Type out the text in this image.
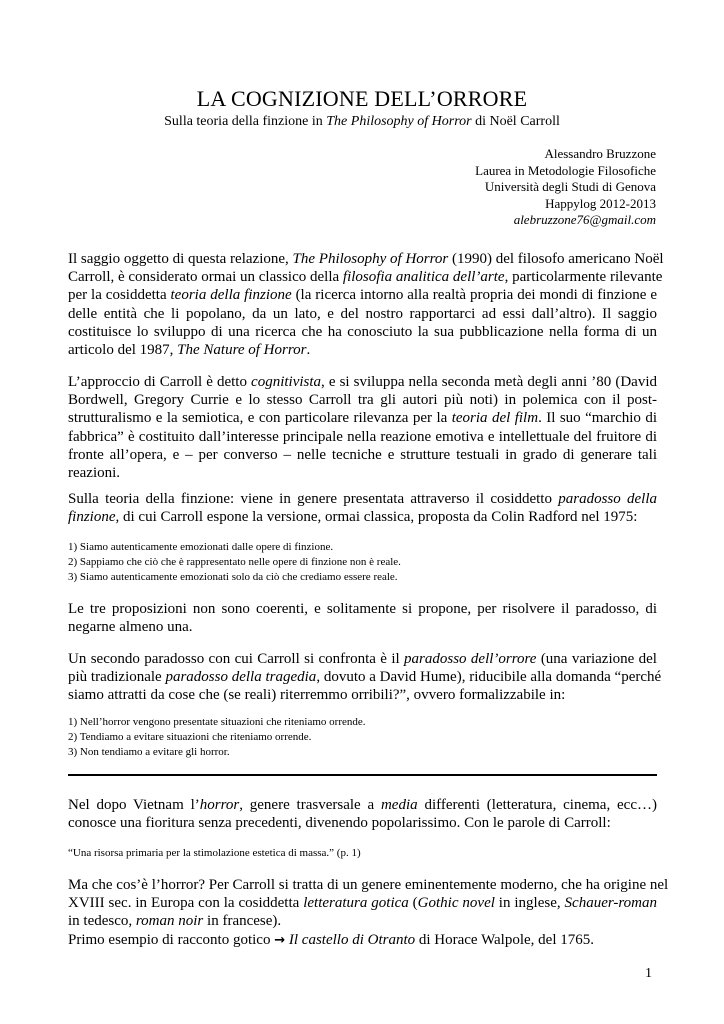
LA COGNIZIONE DELL’ORRORE
Sulla teoria della finzione in The Philosophy of Horror di Noël Carroll
Alessandro Bruzzone
Laurea in Metodologie Filosofiche
Università degli Studi di Genova
Happylog 2012-2013
alebruzzone76@gmail.com
Il saggio oggetto di questa relazione, The Philosophy of Horror (1990) del filosofo americano Noël
Carroll, è considerato ormai un classico della filosofia analitica dell’arte, particolarmente rilevante
per la cosiddetta teoria della finzione (la ricerca intorno alla realtà propria dei mondi di finzione e
delle entità che li popolano, da un lato, e del nostro rapportarci ad essi dall’altro). Il saggio
costituisce lo sviluppo di una ricerca che ha conosciuto la sua pubblicazione nella forma di un
articolo del 1987, The Nature of Horror.
L’approccio di Carroll è detto cognitivista, e si sviluppa nella seconda metà degli anni ’80 (David
Bordwell, Gregory Currie e lo stesso Carroll tra gli autori più noti) in polemica con il post-
strutturalismo e la semiotica, e con particolare rilevanza per la teoria del film. Il suo “marchio di
fabbrica” è costituito dall’interesse principale nella reazione emotiva e intellettuale del fruitore di
fronte all’opera, e – per converso – nelle tecniche e strutture testuali in grado di generare tali
reazioni.
Sulla teoria della finzione: viene in genere presentata attraverso il cosiddetto paradosso della
finzione, di cui Carroll espone la versione, ormai classica, proposta da Colin Radford nel 1975:
1) Siamo autenticamente emozionati dalle opere di finzione.
2) Sappiamo che ciò che è rappresentato nelle opere di finzione non è reale.
3) Siamo autenticamente emozionati solo da ciò che crediamo essere reale.
Le tre proposizioni non sono coerenti, e solitamente si propone, per risolvere il paradosso, di
negarne almeno una.
Un secondo paradosso con cui Carroll si confronta è il paradosso dell’orrore (una variazione del
più tradizionale paradosso della tragedia, dovuto a David Hume), riducibile alla domanda “perché
siamo attratti da cose che (se reali) riterremmo orribili?”, ovvero formalizzabile in:
1) Nell’horror vengono presentate situazioni che riteniamo orrende.
2) Tendiamo a evitare situazioni che riteniamo orrende.
3) Non tendiamo a evitare gli horror.
Nel dopo Vietnam l’horror, genere trasversale a media differenti (letteratura, cinema, ecc…)
conosce una fioritura senza precedenti, divenendo popolarissimo. Con le parole di Carroll:
“Una risorsa primaria per la stimolazione estetica di massa.” (p. 1)
Ma che cos’è l’horror? Per Carroll si tratta di un genere eminentemente moderno, che ha origine nel
XVIII sec. in Europa con la cosiddetta letteratura gotica (Gothic novel in inglese, Schauer-roman
in tedesco, roman noir in francese).
Primo esempio di racconto gotico → Il castello di Otranto di Horace Walpole, del 1765.
1
